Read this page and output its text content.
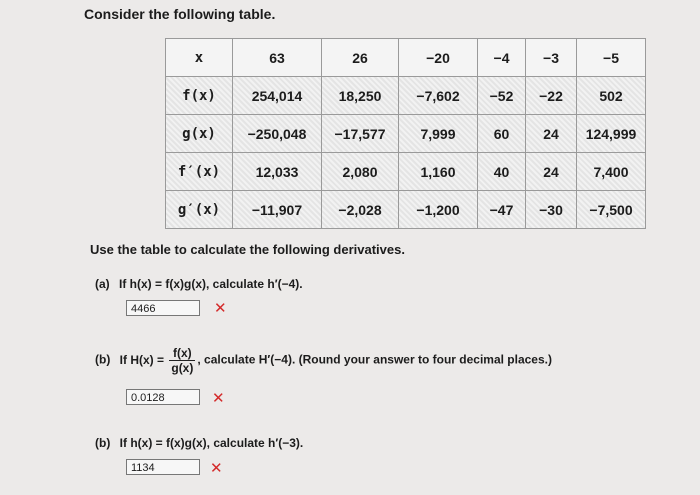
Consider the following table.
x	63	26	−20	−4	−3	−5
f(x)	254,014	18,250	−7,602	−52	−22	502
g(x)	−250,048	−17,577	7,999	60	24	124,999
f′(x)	12,033	2,080	1,160	40	24	7,400
g′(x)	−11,907	−2,028	−1,200	−47	−30	−7,500
Use the table to calculate the following derivatives.
(a) If h(x) = f(x)g(x), calculate h′(−4).
4466	✕
(b) If $H(x) = \frac{f(x)}{g(x)}$ , calculate H′(−4). (Round your answer to four decimal places.)
0.0128	✕
(b) If h(x) = f(x)g(x), calculate h′(−3).
1134	✕
